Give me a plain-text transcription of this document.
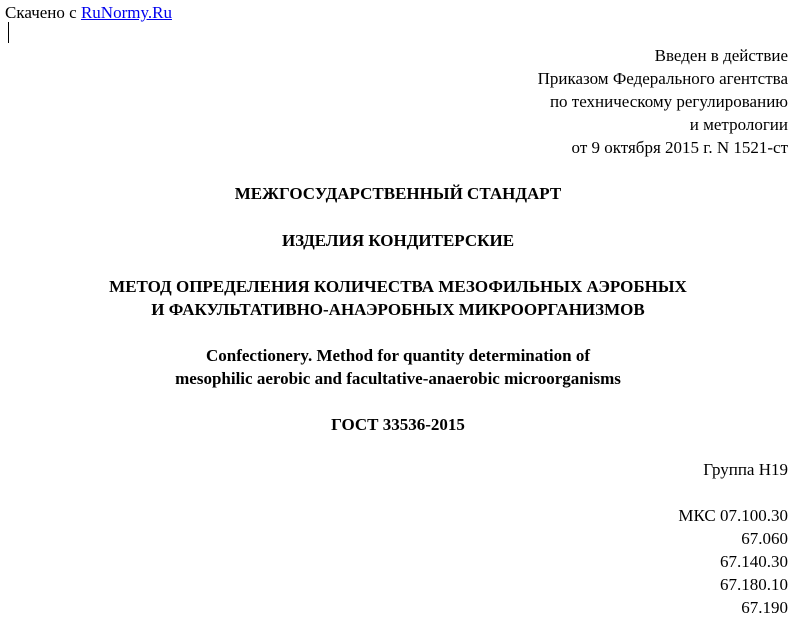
Скачено с RuNormy.Ru
Введен в действие
Приказом Федерального агентства
по техническому регулированию
и метрологии
от 9 октября 2015 г. N 1521-ст
МЕЖГОСУДАРСТВЕННЫЙ СТАНДАРТ
ИЗДЕЛИЯ КОНДИТЕРСКИЕ
МЕТОД ОПРЕДЕЛЕНИЯ КОЛИЧЕСТВА МЕЗОФИЛЬНЫХ АЭРОБНЫХ
И ФАКУЛЬТАТИВНО-АНАЭРОБНЫХ МИКРООРГАНИЗМОВ
Confectionery. Method for quantity determination of
mesophilic aerobic and facultative-anaerobic microorganisms
ГОСТ 33536-2015
Группа Н19
МКС 07.100.30
67.060
67.140.30
67.180.10
67.190
